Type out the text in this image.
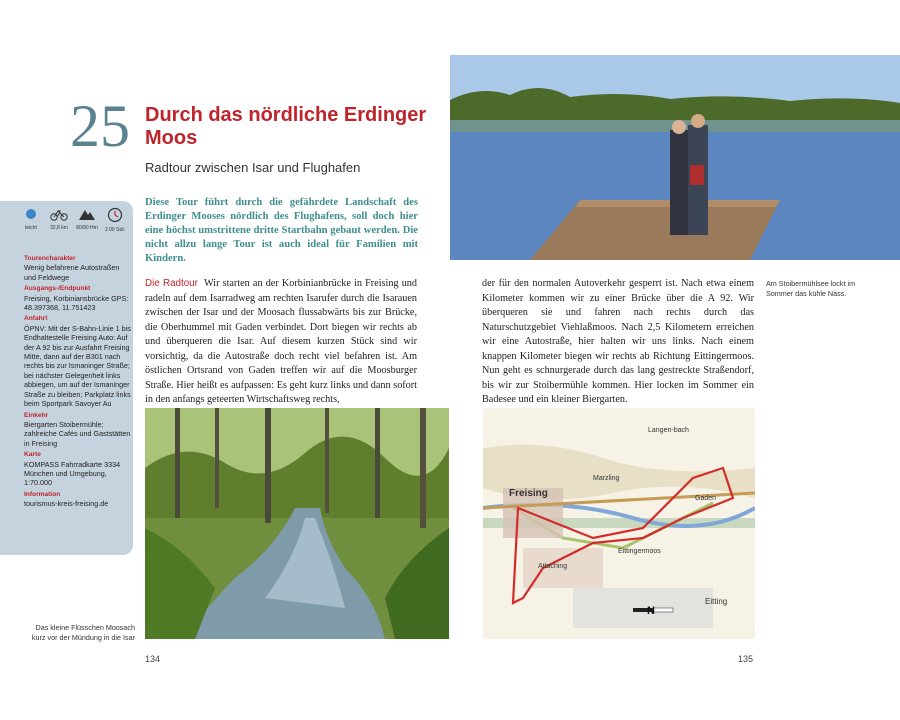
25 Durch das nördliche Erdinger Moos
Radtour zwischen Isar und Flughafen
leicht	32,8 km	80/80 Hm	2.00 Std.

Tourencharakter
Wenig befahrene Autostraßen und Feldwege

Ausgangs-/Endpunkt
Freising, Korbiniansbrücke GPS: 48.397368, 11.751423

Anfahrt
ÖPNV: Mit der S-Bahn-Linie 1 bis Endhaltestelle Freising Auto: Auf der A 92 bis zur Ausfahrt Freising Mitte, dann auf der B301 nach rechts bis zur Ismaninger Straße; bei nächster Gelegenheit links abbiegen, um auf der Ismaninger Straße zu bleiben; Parkplatz links beim Sportpark Savoyer Au

Einkehr
Biergarten Stoibermühle; zahlreiche Cafés und Gaststätten in Freising

Karte
KOMPASS Fahrradkarte 3334 München und Umgebung, 1:70.000

Information
tourismus-kreis-freising.de

Diese Tour führt durch die gefährdete Landschaft des Erdinger Mooses nördlich des Flughafens, soll doch hier eine höchst umstrittene dritte Startbahn gebaut werden. Die nicht allzu lange Tour ist auch ideal für Familien mit Kindern.
Die Radtour Wir starten an der Korbinianbrücke in Freising und radeln auf dem Isarradweg am rechten Isarufer durch die Isarauen zwischen der Isar und der Moosach flussabwärts bis zur Brücke, die Oberhummel mit Gaden verbindet. Dort biegen wir rechts ab und überqueren die Isar. Auf diesem kurzen Stück sind wir vorsichtig, da die Autostraße doch recht viel befahren ist. Am östlichen Ortsrand von Gaden treffen wir auf die Moosburger Straße. Hier heißt es aufpassen: Es geht kurz links und dann sofort in den anfangs geteerten Wirtschaftsweg rechts,
Das kleine Flüsschen Moosach kurz vor der Mündung in die Isar
134
der für den normalen Autoverkehr gesperrt ist. Nach etwa einem Kilometer kommen wir zu einer Brücke über die A 92. Wir überqueren sie und fahren nach rechts durch das Naturschutzgebiet Viehlaßmoos. Nach 2,5 Kilometern erreichen wir eine Autostraße, hier halten wir uns links. Nach einem knappen Kilometer biegen wir rechts ab Richtung Eittingermoos. Nun geht es schnurgerade durch das lang gestreckte Straßendorf, bis wir zur Stoibermühle kommen. Hier locken im Sommer ein Badesee und ein kleiner Biergarten.
Am Stoibermühlsee lockt im Sommer das kühle Nass.
Freising	Gaden
Eittingermoos
Eitting
Attaching
Marzling
Langen-bach
N
135
